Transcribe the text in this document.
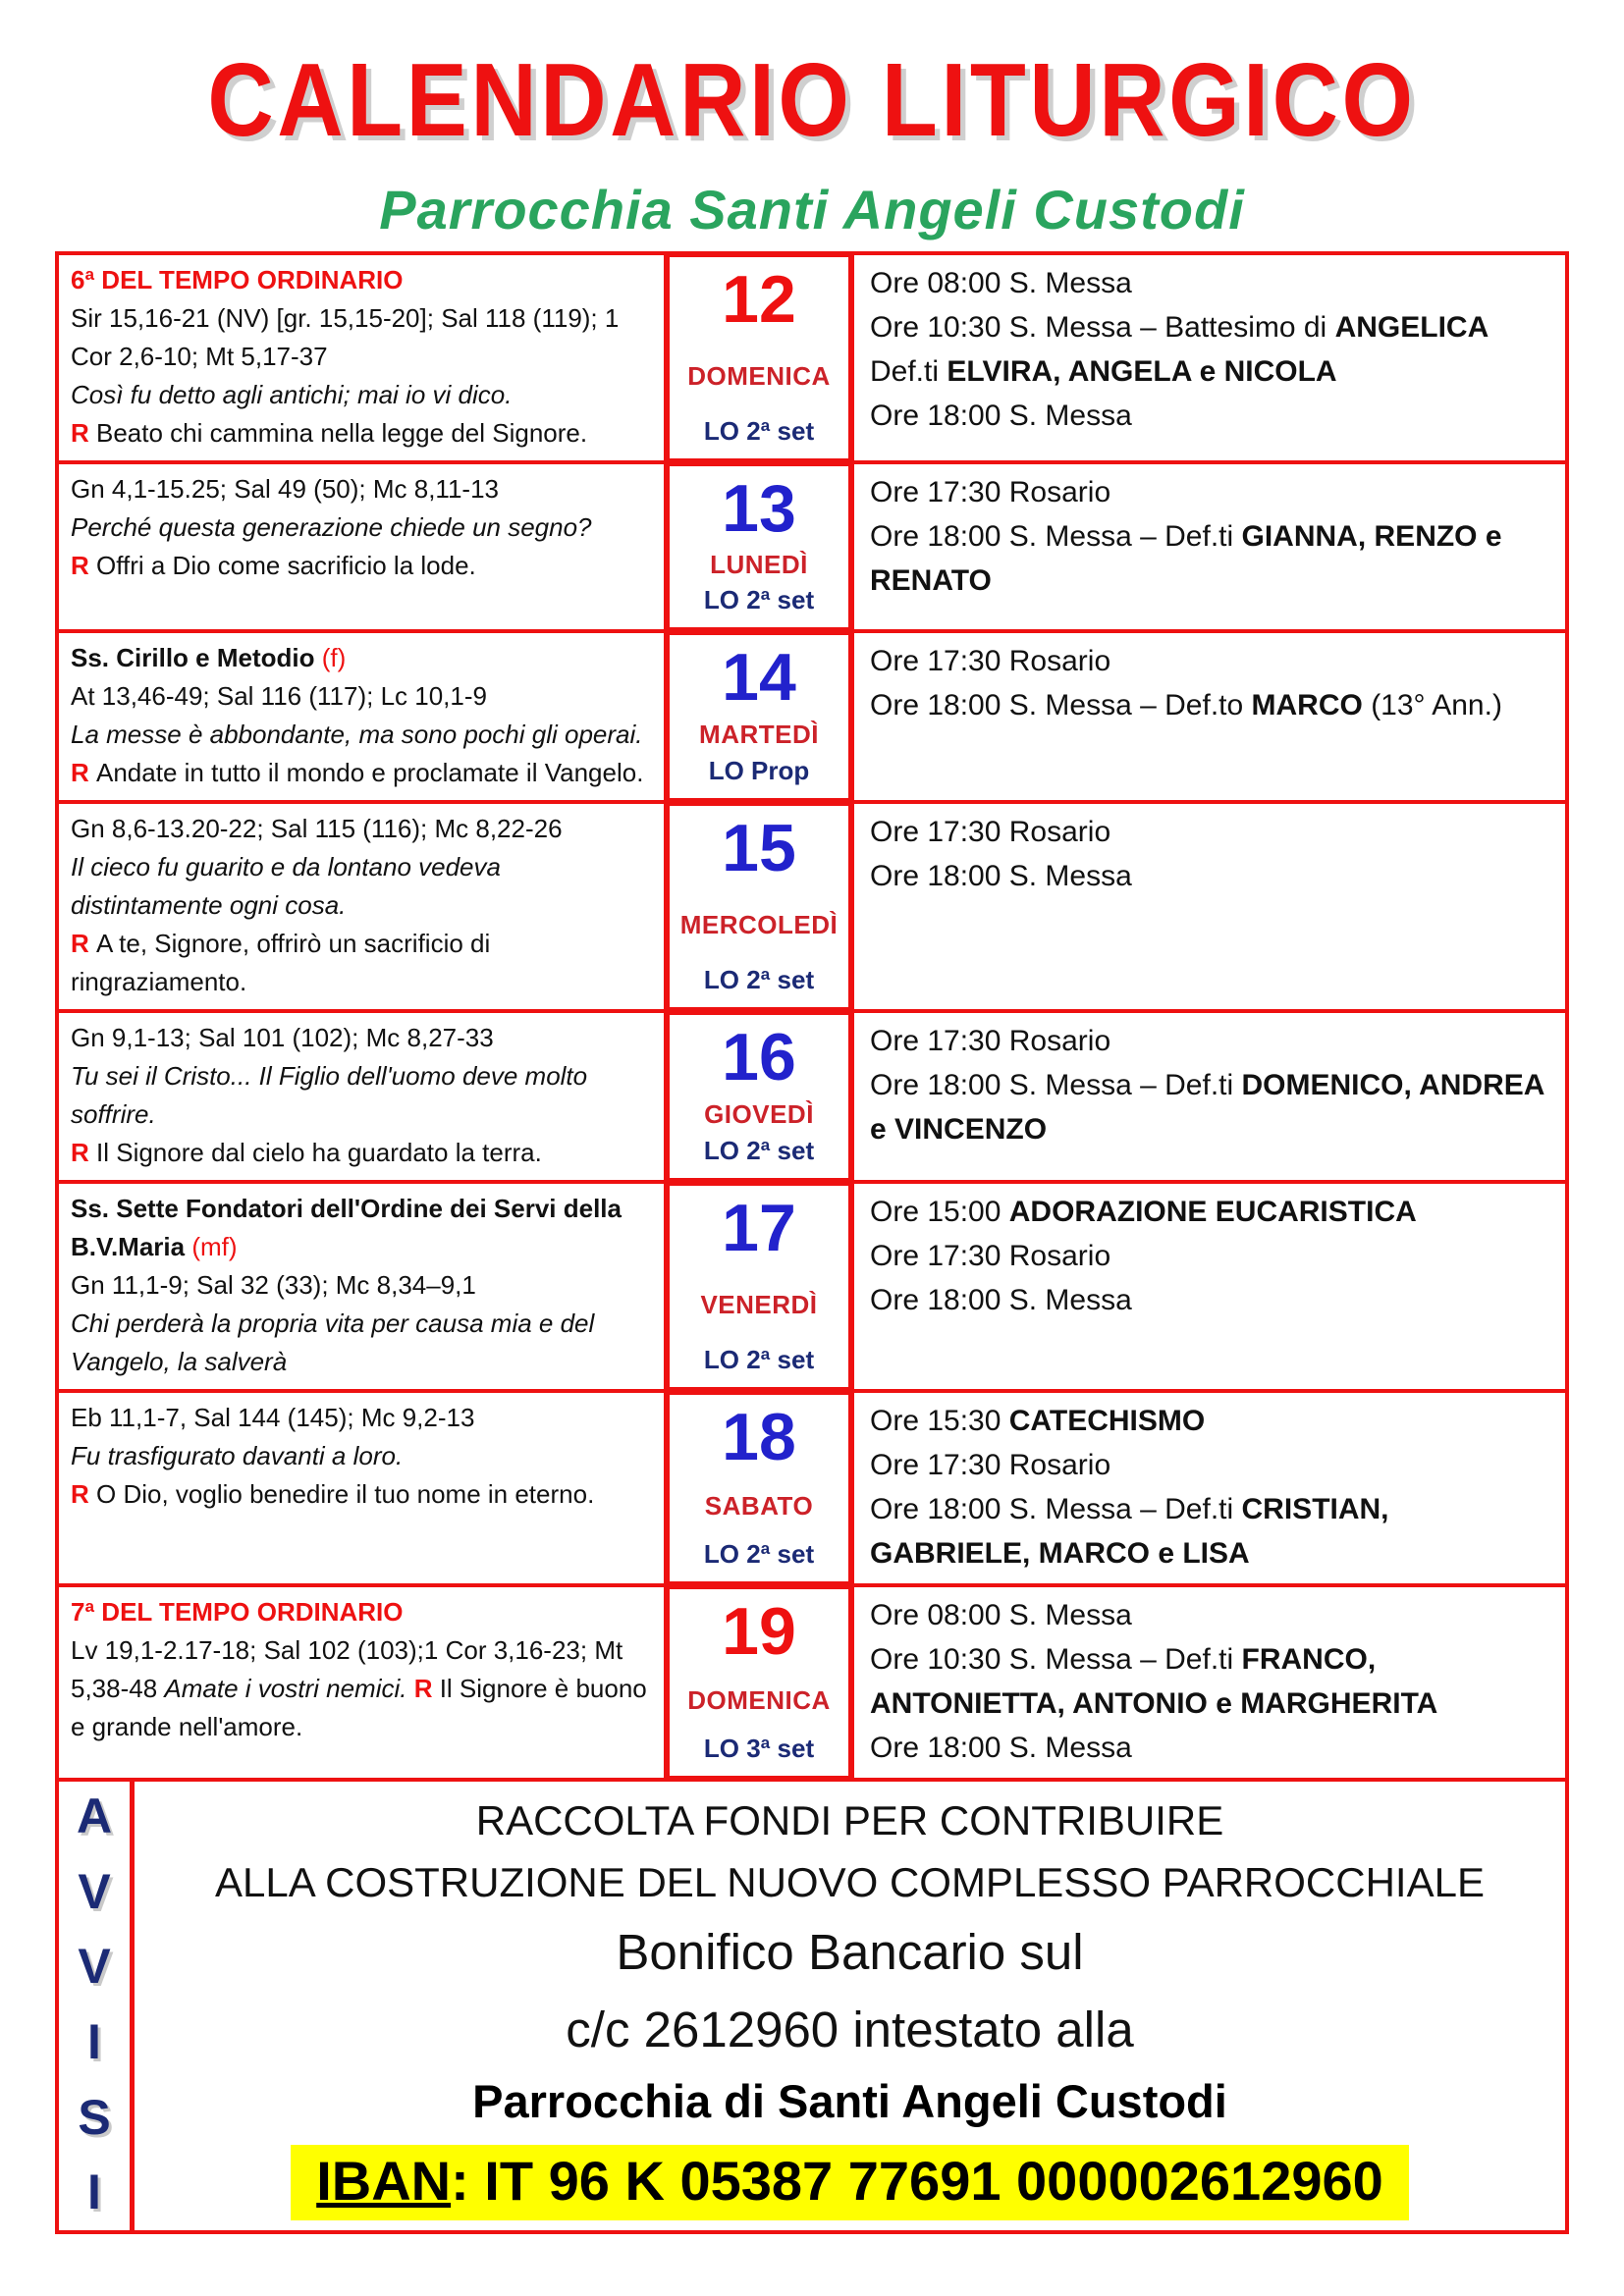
CALENDARIO LITURGICO
Parrocchia Santi Angeli Custodi
6ª DEL TEMPO ORDINARIO
Sir 15,16-21 (NV) [gr. 15,15-20]; Sal 118 (119); 1 Cor 2,6-10; Mt 5,17-37
Così fu detto agli antichi; mai io vi dico.
R Beato chi cammina nella legge del Signore.
12
DOMENICA
LO 2ª set
Ore 08:00 S. Messa
Ore 10:30 S. Messa – Battesimo di ANGELICA
Def.ti ELVIRA, ANGELA e NICOLA
Ore 18:00 S. Messa
Gn 4,1-15.25; Sal 49 (50); Mc 8,11-13
Perché questa generazione chiede un segno?
R Offri a Dio come sacrificio la lode.
13
LUNEDÌ
LO 2ª set
Ore 17:30 Rosario
Ore 18:00 S. Messa – Def.ti GIANNA, RENZO e RENATO
Ss. Cirillo e Metodio (f)
At 13,46-49; Sal 116 (117); Lc 10,1-9
La messe è abbondante, ma sono pochi gli operai.
R Andate in tutto il mondo e proclamate il Vangelo.
14
MARTEDÌ
LO Prop
Ore 17:30 Rosario
Ore 18:00 S. Messa – Def.to MARCO (13° Ann.)
Gn 8,6-13.20-22; Sal 115 (116); Mc 8,22-26
Il cieco fu guarito e da lontano vedeva distintamente ogni cosa.
R A te, Signore, offrirò un sacrificio di ringraziamento.
15
MERCOLEDÌ
LO 2ª set
Ore 17:30 Rosario
Ore 18:00 S. Messa
Gn 9,1-13; Sal 101 (102); Mc 8,27-33
Tu sei il Cristo... Il Figlio dell'uomo deve molto soffrire.
R Il Signore dal cielo ha guardato la terra.
16
GIOVEDÌ
LO 2ª set
Ore 17:30 Rosario
Ore 18:00 S. Messa – Def.ti DOMENICO, ANDREA e VINCENZO
Ss. Sette Fondatori dell'Ordine dei Servi della B.V.Maria (mf)
Gn 11,1-9; Sal 32 (33); Mc 8,34–9,1
Chi perderà la propria vita per causa mia e del Vangelo, la salverà
17
VENERDÌ
LO 2ª set
Ore 15:00 ADORAZIONE EUCARISTICA
Ore 17:30 Rosario
Ore 18:00 S. Messa
Eb 11,1-7, Sal 144 (145); Mc 9,2-13
Fu trasfigurato davanti a loro.
R O Dio, voglio benedire il tuo nome in eterno.
18
SABATO
LO 2ª set
Ore 15:30 CATECHISMO
Ore 17:30 Rosario
Ore 18:00 S. Messa – Def.ti CRISTIAN, GABRIELE, MARCO e LISA
7ª DEL TEMPO ORDINARIO
Lv 19,1-2.17-18; Sal 102 (103);1 Cor 3,16-23; Mt 5,38-48 Amate i vostri nemici. R Il Signore è buono e grande nell'amore.
19
DOMENICA
LO 3ª set
Ore 08:00 S. Messa
Ore 10:30 S. Messa – Def.ti FRANCO, ANTONIETTA, ANTONIO e MARGHERITA
Ore 18:00 S. Messa
A
V
V
I
S
I
RACCOLTA FONDI PER CONTRIBUIRE
ALLA COSTRUZIONE DEL NUOVO COMPLESSO PARROCCHIALE
Bonifico Bancario sul
c/c 2612960 intestato alla
Parrocchia di Santi Angeli Custodi
IBAN: IT 96 K 05387 77691 000002612960
